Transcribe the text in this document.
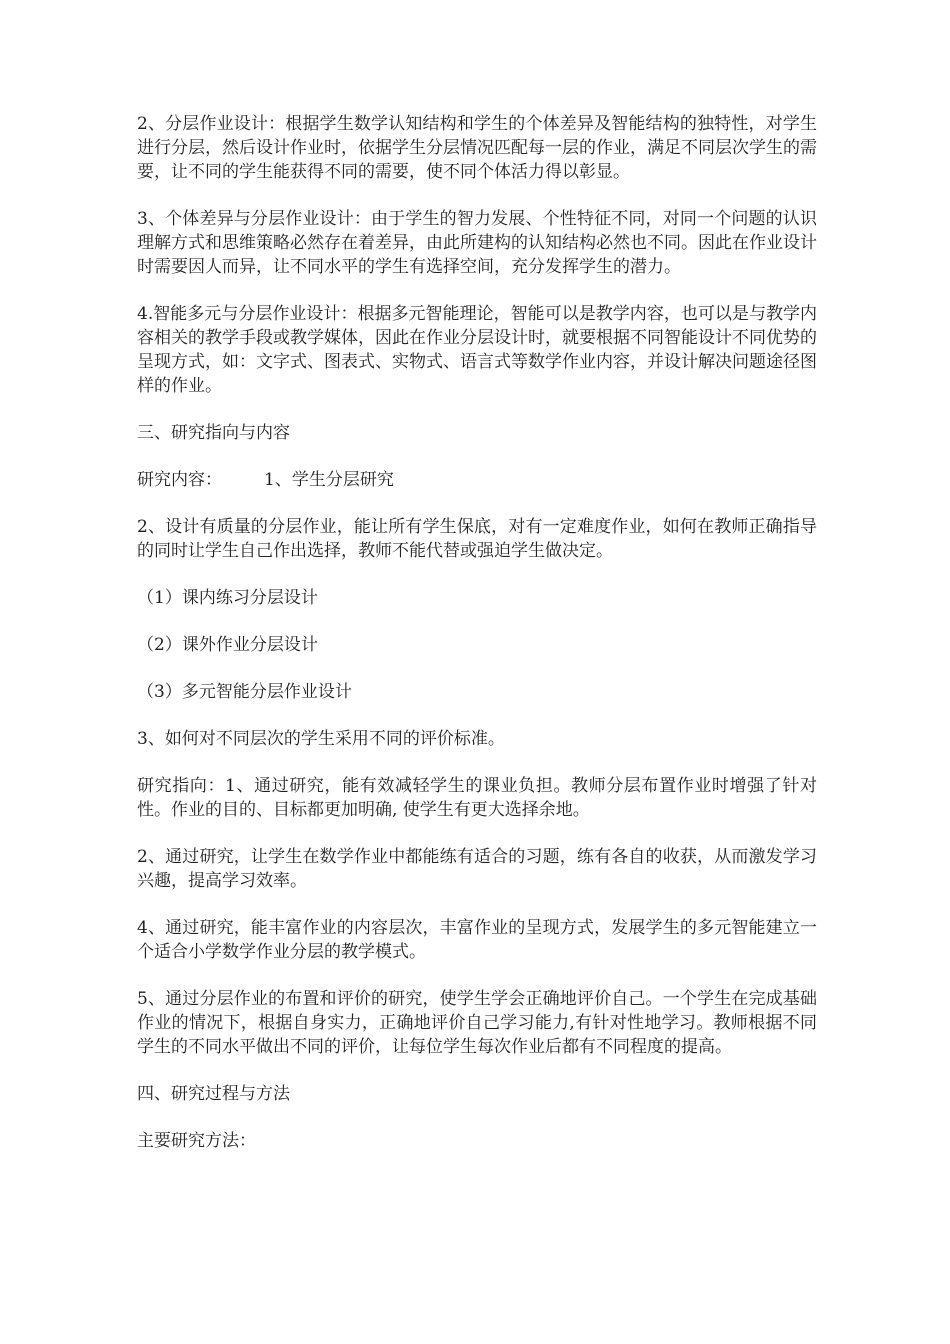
2、分层作业设计：根据学生数学认知结构和学生的个体差异及智能结构的独特性，对学生进行分层，然后设计作业时，依据学生分层情况匹配每一层的作业，满足不同层次学生的需要，让不同的学生能获得不同的需要，使不同个体活力得以彰显。

3、个体差异与分层作业设计：由于学生的智力发展、个性特征不同，对同一个问题的认识理解方式和思维策略必然存在着差异，由此所建构的认知结构必然也不同。因此在作业设计时需要因人而异，让不同水平的学生有选择空间，充分发挥学生的潜力。

4.智能多元与分层作业设计：根据多元智能理论，智能可以是教学内容，也可以是与教学内容相关的教学手段或教学媒体，因此在作业分层设计时，就要根据不同智能设计不同优势的呈现方式，如：文字式、图表式、实物式、语言式等数学作业内容，并设计解决问题途径图样的作业。

三、研究指向与内容

研究内容： 1、学生分层研究

2、设计有质量的分层作业，能让所有学生保底，对有一定难度作业，如何在教师正确指导的同时让学生自己作出选择，教师不能代替或强迫学生做决定。

（1）课内练习分层设计

（2）课外作业分层设计

（3）多元智能分层作业设计

3、如何对不同层次的学生采用不同的评价标准。

研究指向：1、通过研究，能有效减轻学生的课业负担。教师分层布置作业时增强了针对性。作业的目的、目标都更加明确, 使学生有更大选择余地。

2、通过研究，让学生在数学作业中都能练有适合的习题，练有各自的收获，从而激发学习兴趣，提高学习效率。

4、通过研究，能丰富作业的内容层次，丰富作业的呈现方式，发展学生的多元智能建立一个适合小学数学作业分层的教学模式。

5、通过分层作业的布置和评价的研究，使学生学会正确地评价自己。一个学生在完成基础作业的情况下，根据自身实力，正确地评价自己学习能力,有针对性地学习。教师根据不同学生的不同水平做出不同的评价，让每位学生每次作业后都有不同程度的提高。

四、研究过程与方法

主要研究方法：
